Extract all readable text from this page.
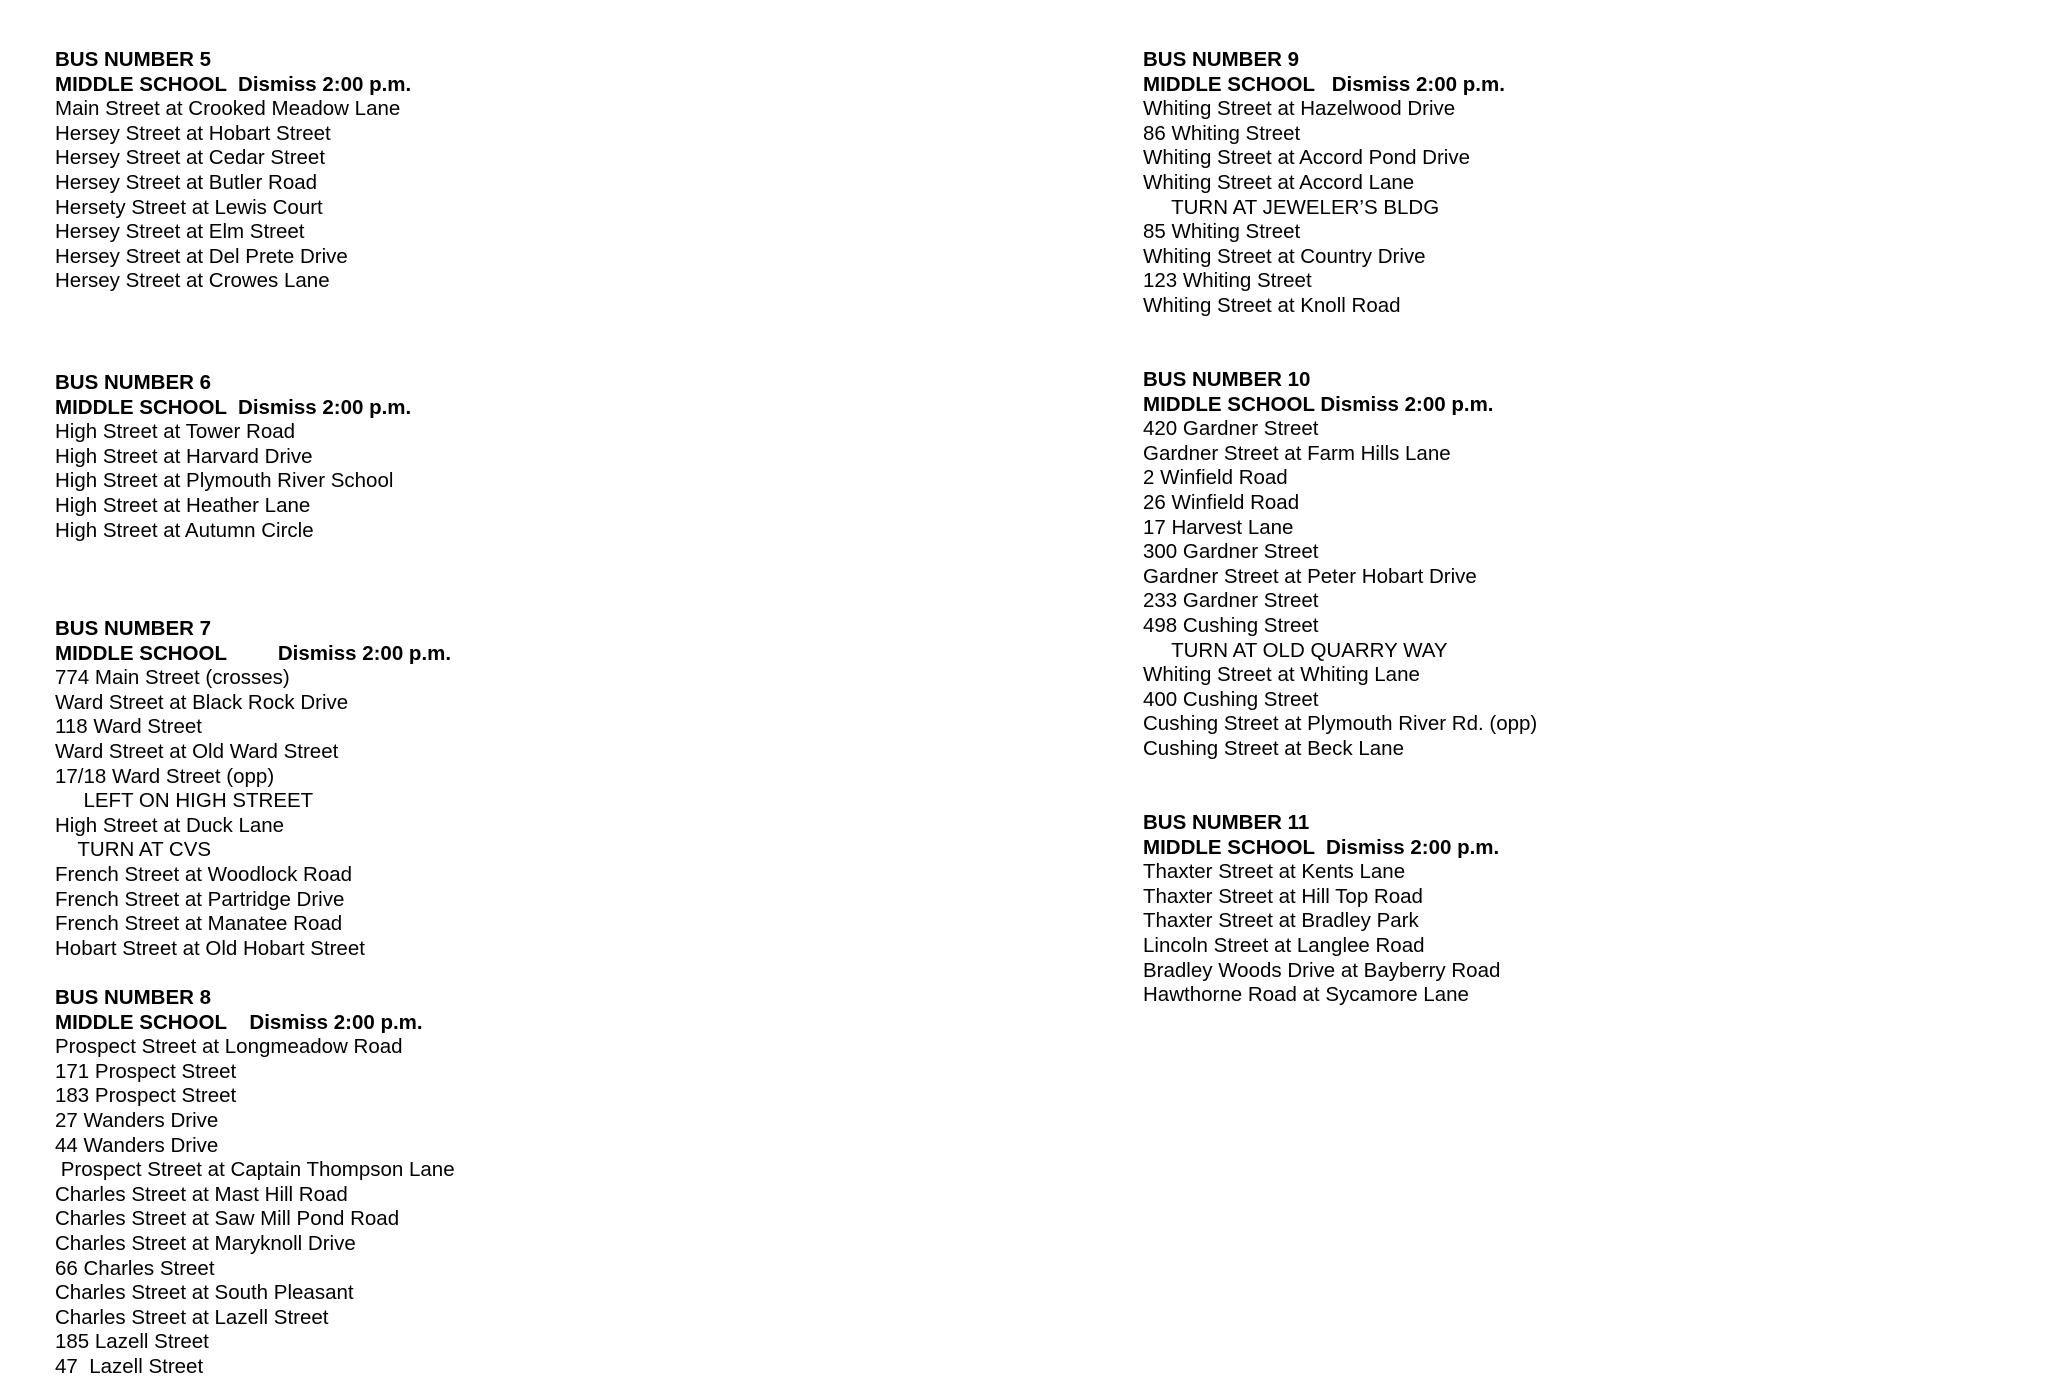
BUS NUMBER 5
MIDDLE SCHOOL Dismiss 2:00 p.m.
Main Street at Crooked Meadow Lane
Hersey Street at Hobart Street
Hersey Street at Cedar Street
Hersey Street at Butler Road
Hersety Street at Lewis Court
Hersey Street at Elm Street
Hersey Street at Del Prete Drive
Hersey Street at Crowes Lane
BUS NUMBER 6
MIDDLE SCHOOL Dismiss 2:00 p.m.
High Street at Tower Road
High Street at Harvard Drive
High Street at Plymouth River School
High Street at Heather Lane
High Street at Autumn Circle
BUS NUMBER 7
MIDDLE SCHOOL	Dismiss 2:00 p.m.
774 Main Street (crosses)
Ward Street at Black Rock Drive
118 Ward Street
Ward Street at Old Ward Street
17/18 Ward Street (opp)
LEFT ON HIGH STREET
High Street at Duck Lane
TURN AT CVS
French Street at Woodlock Road
French Street at Partridge Drive
French Street at Manatee Road
Hobart Street at Old Hobart Street
BUS NUMBER 8
MIDDLE SCHOOL Dismiss 2:00 p.m.
Prospect Street at Longmeadow Road
171 Prospect Street
183 Prospect Street
27 Wanders Drive
44 Wanders Drive
Prospect Street at Captain Thompson Lane
Charles Street at Mast Hill Road
Charles Street at Saw Mill Pond Road
Charles Street at Maryknoll Drive
66 Charles Street
Charles Street at South Pleasant
Charles Street at Lazell Street
185 Lazell Street
47  Lazell Street
BUS NUMBER 9
MIDDLE SCHOOL Dismiss 2:00 p.m.
Whiting Street at Hazelwood Drive
86 Whiting Street
Whiting Street at Accord Pond Drive
Whiting Street at Accord Lane
TURN AT JEWELER’S BLDG
85 Whiting Street
Whiting Street at Country Drive
123 Whiting Street
Whiting Street at Knoll Road
BUS NUMBER 10
MIDDLE SCHOOL Dismiss 2:00 p.m.
420 Gardner Street
Gardner Street at Farm Hills Lane
2 Winfield Road
26 Winfield Road
17 Harvest Lane
300 Gardner Street
Gardner Street at Peter Hobart Drive
233 Gardner Street
498 Cushing Street
TURN AT OLD QUARRY WAY
Whiting Street at Whiting Lane
400 Cushing Street
Cushing Street at Plymouth River Rd. (opp)
Cushing Street at Beck Lane
BUS NUMBER 11
MIDDLE SCHOOL Dismiss 2:00 p.m.
Thaxter Street at Kents Lane
Thaxter Street at Hill Top Road
Thaxter Street at Bradley Park
Lincoln Street at Langlee Road
Bradley Woods Drive at Bayberry Road
Hawthorne Road at Sycamore Lane
